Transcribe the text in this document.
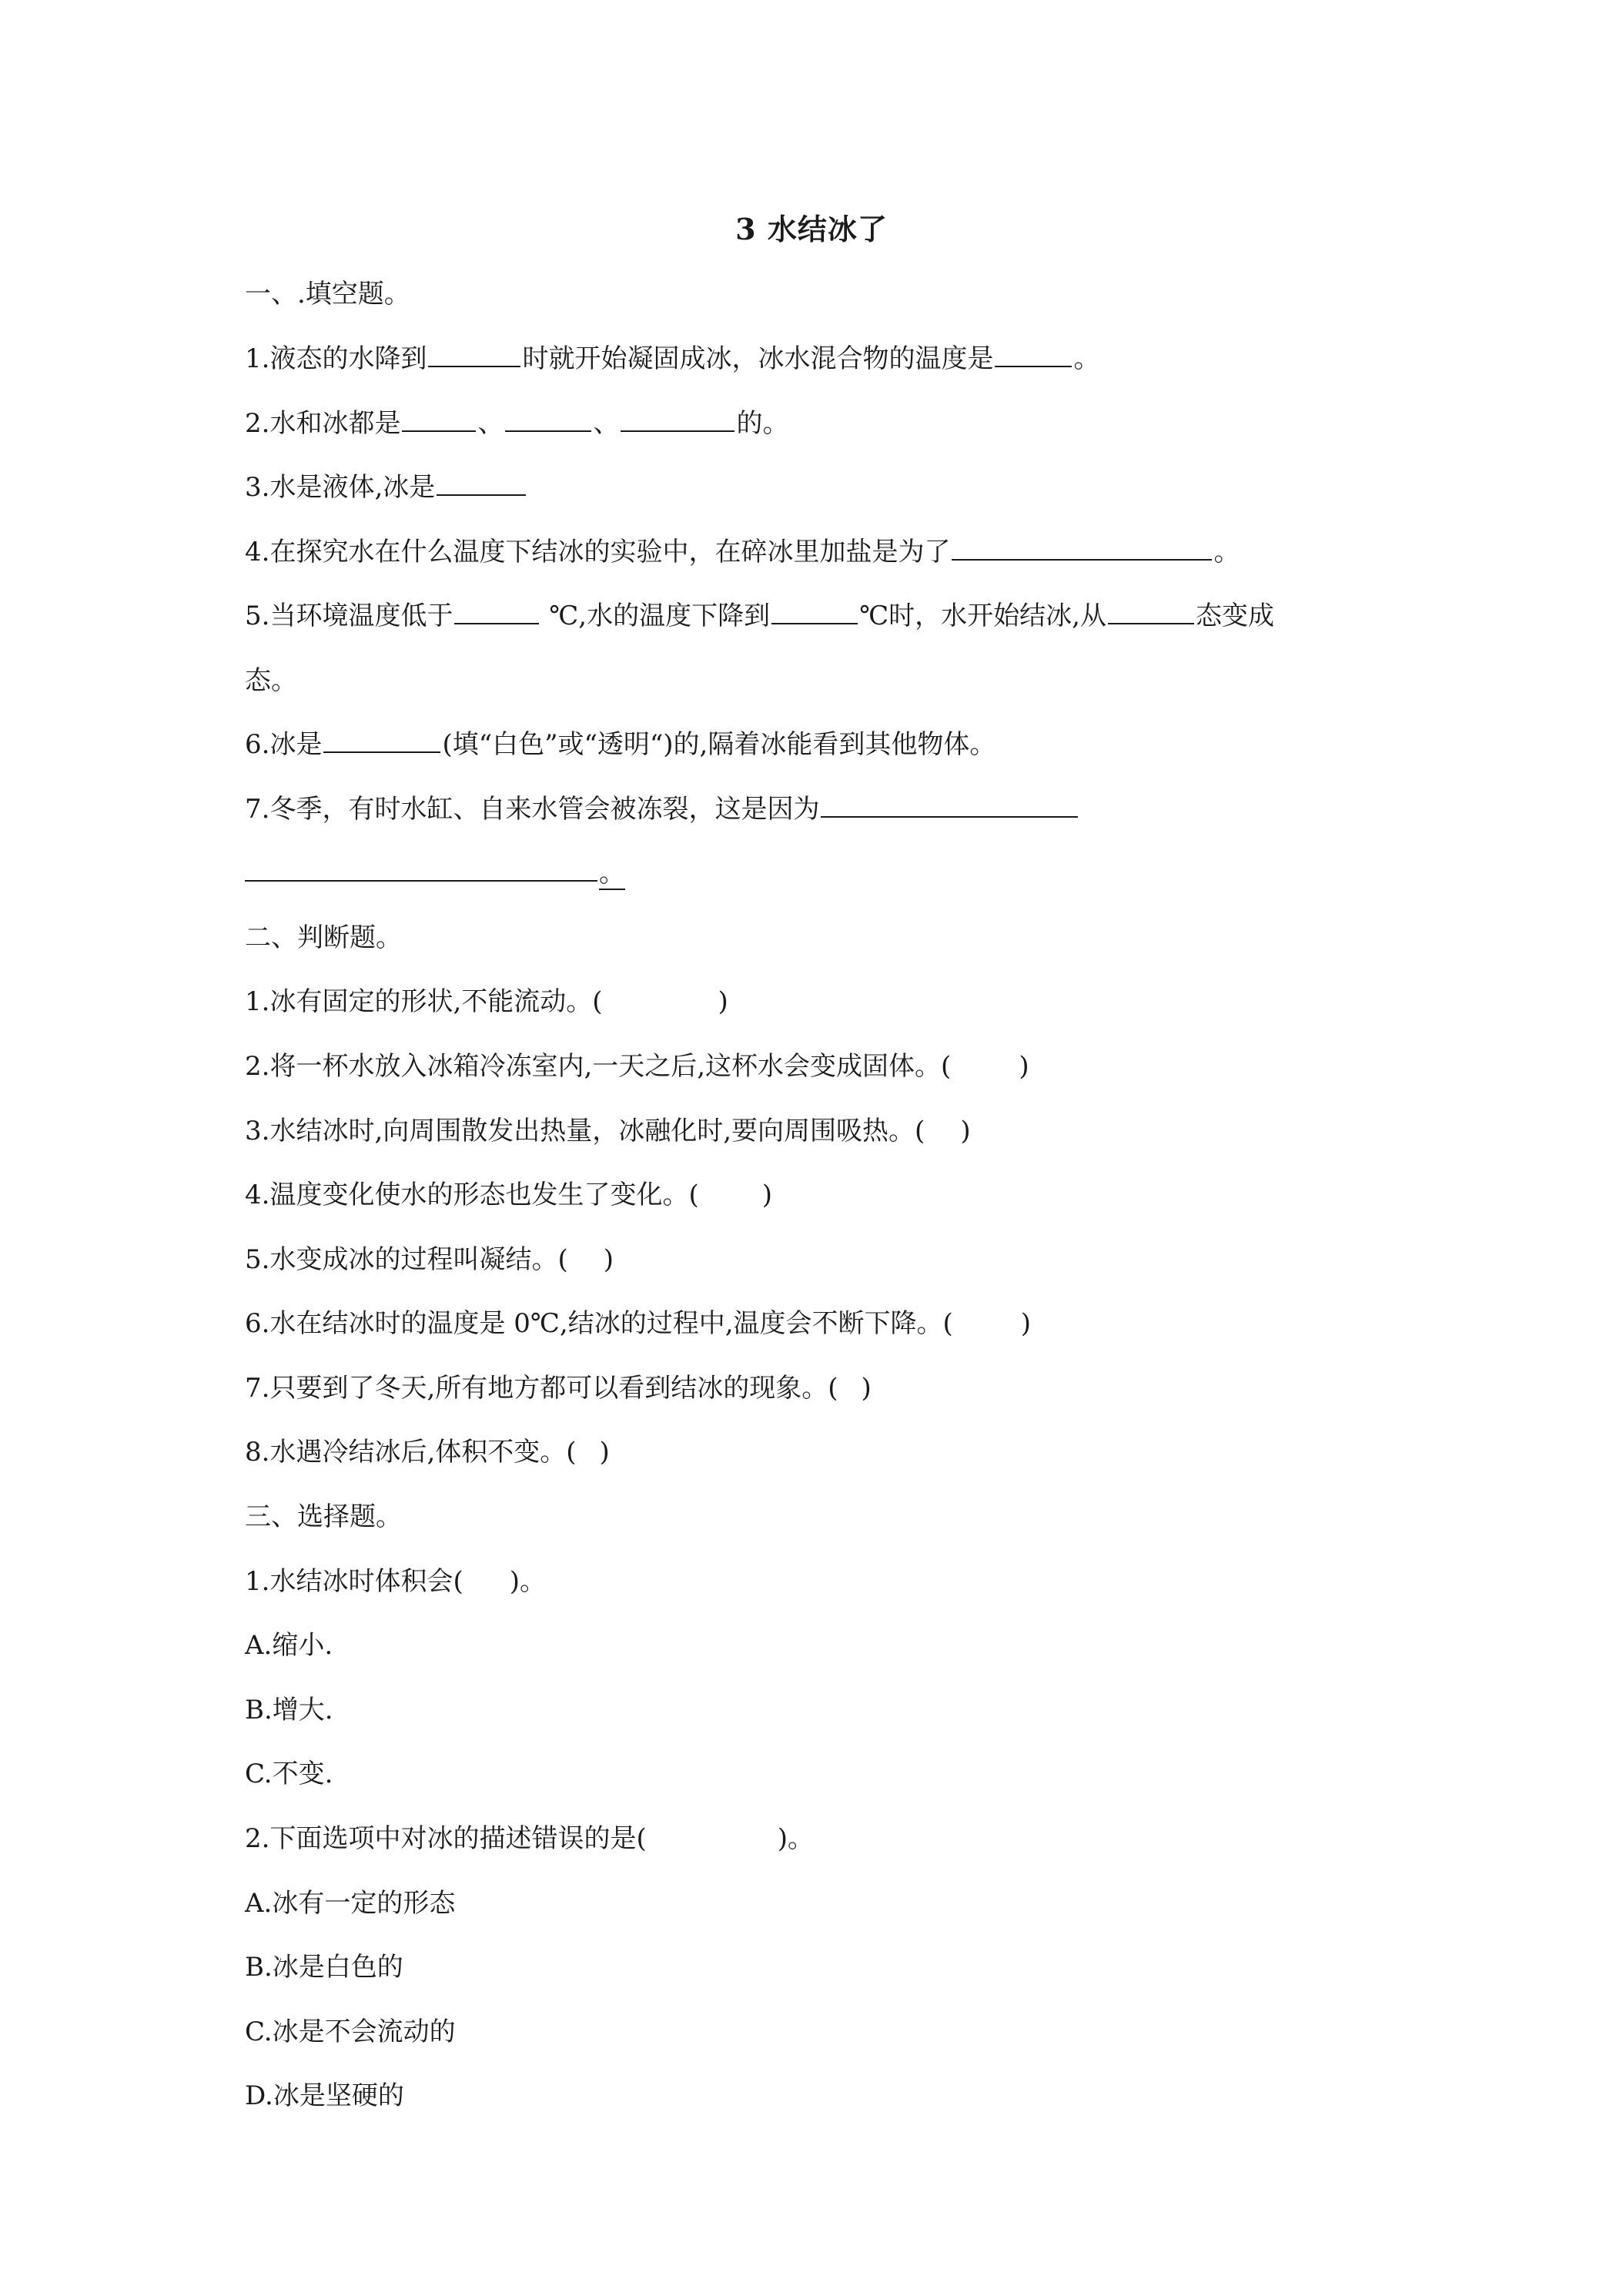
3 水结冰了
一、.填空题。
1.液态的水降到	时就开始凝固成冰，冰水混合物的温度是	。
2.水和冰都是	、	、	的。
3.水是液体,冰是
4.在探究水在什么温度下结冰的实验中，在碎冰里加盐是为了	。
5.当环境温度低于	℃,水的温度下降到	℃时，水开始结冰,从	态变成
态。
6.冰是	(填“白色”或“透明“)的,隔着冰能看到其他物体。
7.冬季，有时水缸、自来水管会被冻裂，这是因为
。
二、判断题。
1.冰有固定的形状,不能流动。(	)
2.将一杯水放入冰箱冷冻室内,一天之后,这杯水会变成固体。(	)
3.水结冰时,向周围散发出热量，冰融化时,要向周围吸热。( )
4.温度变化使水的形态也发生了变化。( )
5.水变成冰的过程叫凝结。( )
6.水在结冰时的温度是 0℃,结冰的过程中,温度会不断下降。(	)
7.只要到了冬天,所有地方都可以看到结冰的现象。( )
8.水遇冷结冰后,体积不变。( )
三、选择题。
1.水结冰时体积会( )。
A.缩小.
B.增大.
C.不变.
2.下面选项中对冰的描述错误的是(	)。
A.冰有一定的形态
B.冰是白色的
C.冰是不会流动的
D.冰是坚硬的
